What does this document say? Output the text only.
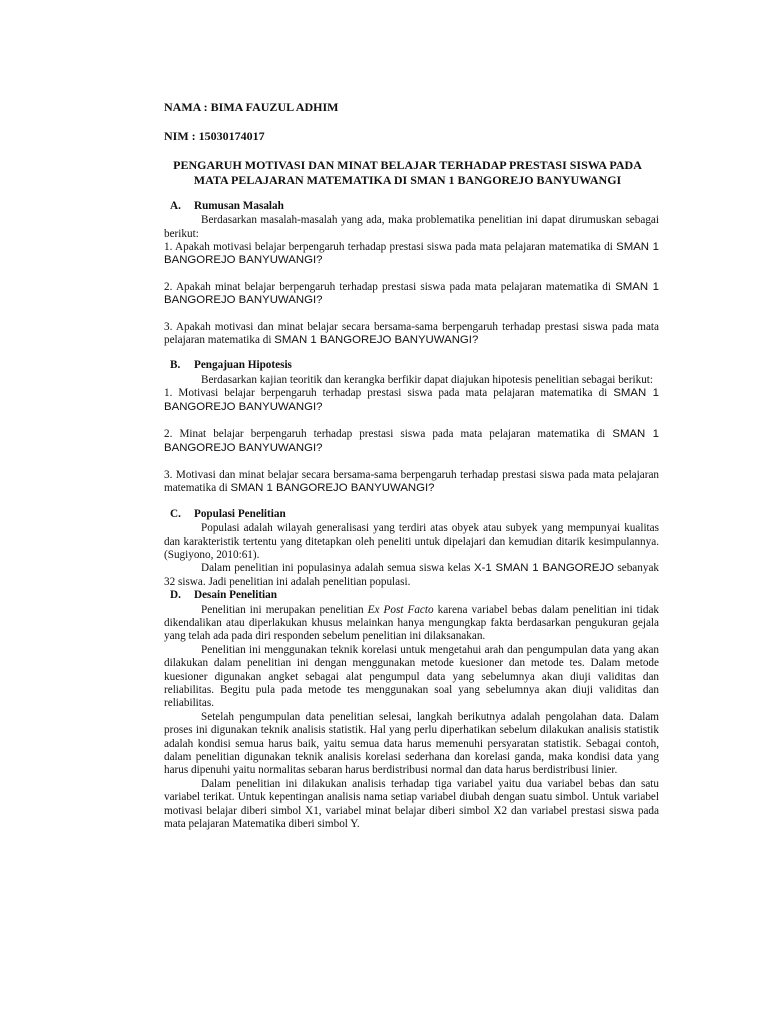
NAMA : BIMA FAUZUL ADHIM

NIM : 15030174017

PENGARUH MOTIVASI DAN MINAT BELAJAR TERHADAP PRESTASI SISWA PADA
MATA PELAJARAN MATEMATIKA DI SMAN 1 BANGOREJO BANYUWANGI
A.	Rumusan Masalah

Berdasarkan masalah-masalah yang ada, maka problematika penelitian ini dapat dirumuskan sebagai berikut:

1. Apakah motivasi belajar berpengaruh terhadap prestasi siswa pada mata pelajaran matematika di SMAN 1 BANGOREJO BANYUWANGI?

2. Apakah minat belajar berpengaruh terhadap prestasi siswa pada mata pelajaran matematika di SMAN 1 BANGOREJO BANYUWANGI?

3. Apakah motivasi dan minat belajar secara bersama-sama berpengaruh terhadap prestasi siswa pada mata pelajaran matematika di SMAN 1 BANGOREJO BANYUWANGI?

B.	Pengajuan Hipotesis

Berdasarkan kajian teoritik dan kerangka berfikir dapat diajukan hipotesis penelitian sebagai berikut:

1. Motivasi belajar berpengaruh terhadap prestasi siswa pada mata pelajaran matematika di SMAN 1 BANGOREJO BANYUWANGI?

2. Minat belajar berpengaruh terhadap prestasi siswa pada mata pelajaran matematika di SMAN 1 BANGOREJO BANYUWANGI?

3. Motivasi dan minat belajar secara bersama-sama berpengaruh terhadap prestasi siswa pada mata pelajaran matematika di SMAN 1 BANGOREJO BANYUWANGI?

C.	Populasi Penelitian

Populasi adalah wilayah generalisasi yang terdiri atas obyek atau subyek yang mempunyai kualitas dan karakteristik tertentu yang ditetapkan oleh peneliti untuk dipelajari dan kemudian ditarik kesimpulannya. (Sugiyono, 2010:61).

Dalam penelitian ini populasinya adalah semua siswa kelas X-1 SMAN 1 BANGOREJO sebanyak 32 siswa. Jadi penelitian ini adalah penelitian populasi.

D.	Desain Penelitian

Penelitian ini merupakan penelitian Ex Post Facto karena variabel bebas dalam penelitian ini tidak dikendalikan atau diperlakukan khusus melainkan hanya mengungkap fakta berdasarkan pengukuran gejala yang telah ada pada diri responden sebelum penelitian ini dilaksanakan.

Penelitian ini menggunakan teknik korelasi untuk mengetahui arah dan pengumpulan data yang akan dilakukan dalam penelitian ini dengan menggunakan metode kuesioner dan metode tes. Dalam metode kuesioner digunakan angket sebagai alat pengumpul data yang sebelumnya akan diuji validitas dan reliabilitas. Begitu pula pada metode tes menggunakan soal yang sebelumnya akan diuji validitas dan reliabilitas.

Setelah pengumpulan data penelitian selesai, langkah berikutnya adalah pengolahan data. Dalam proses ini digunakan teknik analisis statistik. Hal yang perlu diperhatikan sebelum dilakukan analisis statistik adalah kondisi semua harus baik, yaitu semua data harus memenuhi persyaratan statistik. Sebagai contoh, dalam penelitian digunakan teknik analisis korelasi sederhana dan korelasi ganda, maka kondisi data yang harus dipenuhi yaitu normalitas sebaran harus berdistribusi normal dan data harus berdistribusi linier.

Dalam penelitian ini dilakukan analisis terhadap tiga variabel yaitu dua variabel bebas dan satu variabel terikat. Untuk kepentingan analisis nama setiap variabel diubah dengan suatu simbol. Untuk variabel motivasi belajar diberi simbol X1, variabel minat belajar diberi simbol X2 dan variabel prestasi siswa pada mata pelajaran Matematika diberi simbol Y.
